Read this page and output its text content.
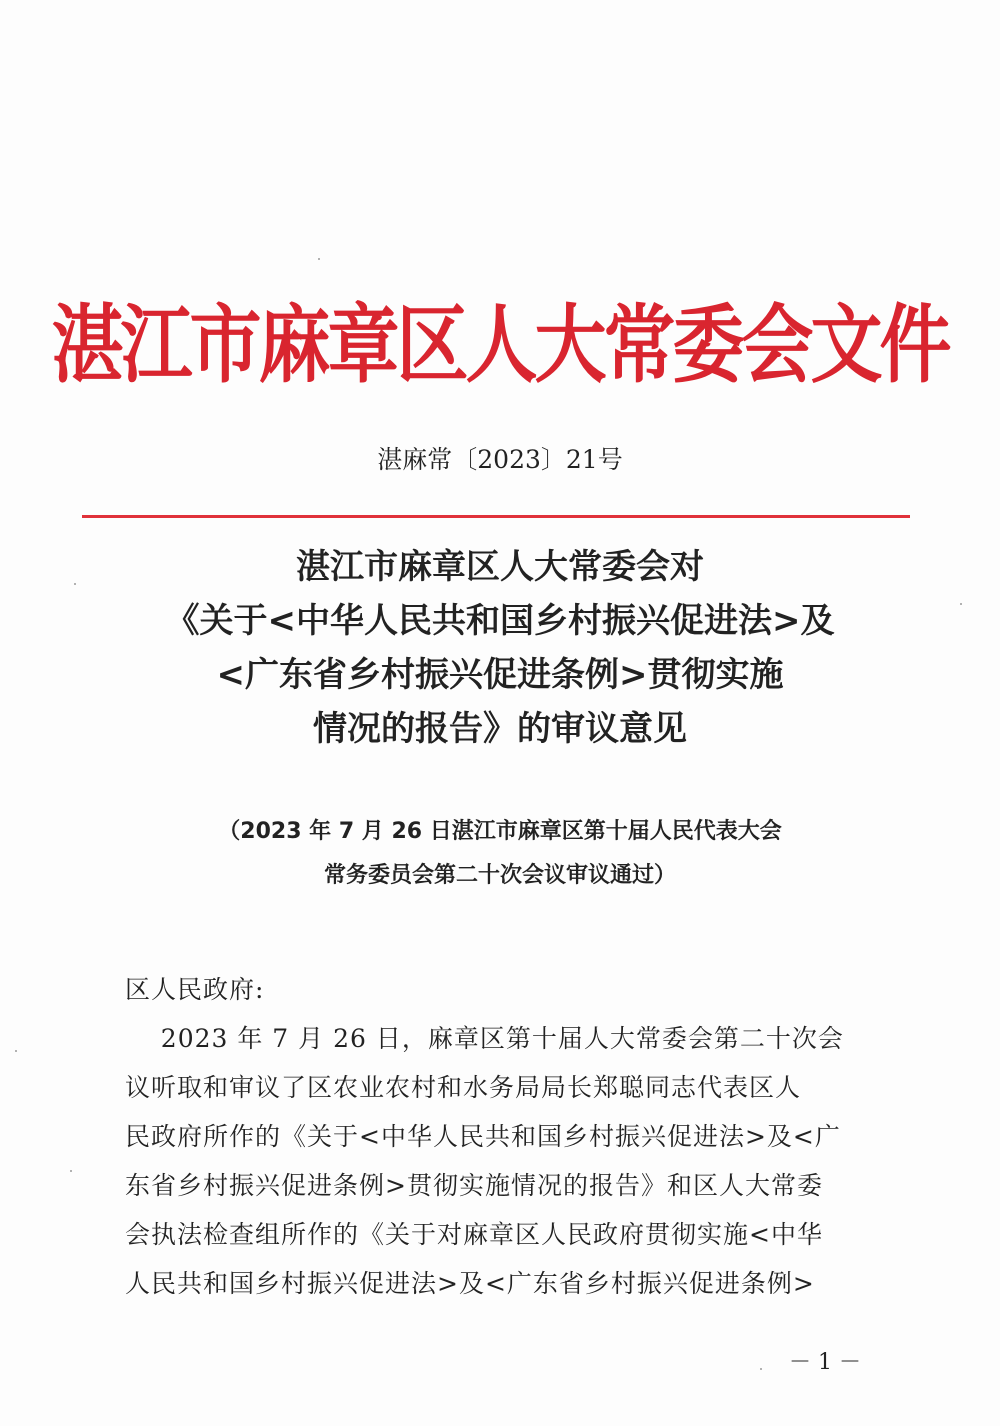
湛江市麻章区人大常委会文件
湛麻常〔2023〕21号
湛江市麻章区人大常委会对
《关于<中华人民共和国乡村振兴促进法>及
<广东省乡村振兴促进条例>贯彻实施
情况的报告》的审议意见
（2023 年 7 月 26 日湛江市麻章区第十届人民代表大会
常务委员会第二十次会议审议通过）
区人民政府:
2023 年 7 月 26 日，麻章区第十届人大常委会第二十次会
议听取和审议了区农业农村和水务局局长郑聪同志代表区人
民政府所作的《关于<中华人民共和国乡村振兴促进法>及<广
东省乡村振兴促进条例>贯彻实施情况的报告》和区人大常委
会执法检查组所作的《关于对麻章区人民政府贯彻实施<中华
人民共和国乡村振兴促进法>及<广东省乡村振兴促进条例>
－ 1 －
